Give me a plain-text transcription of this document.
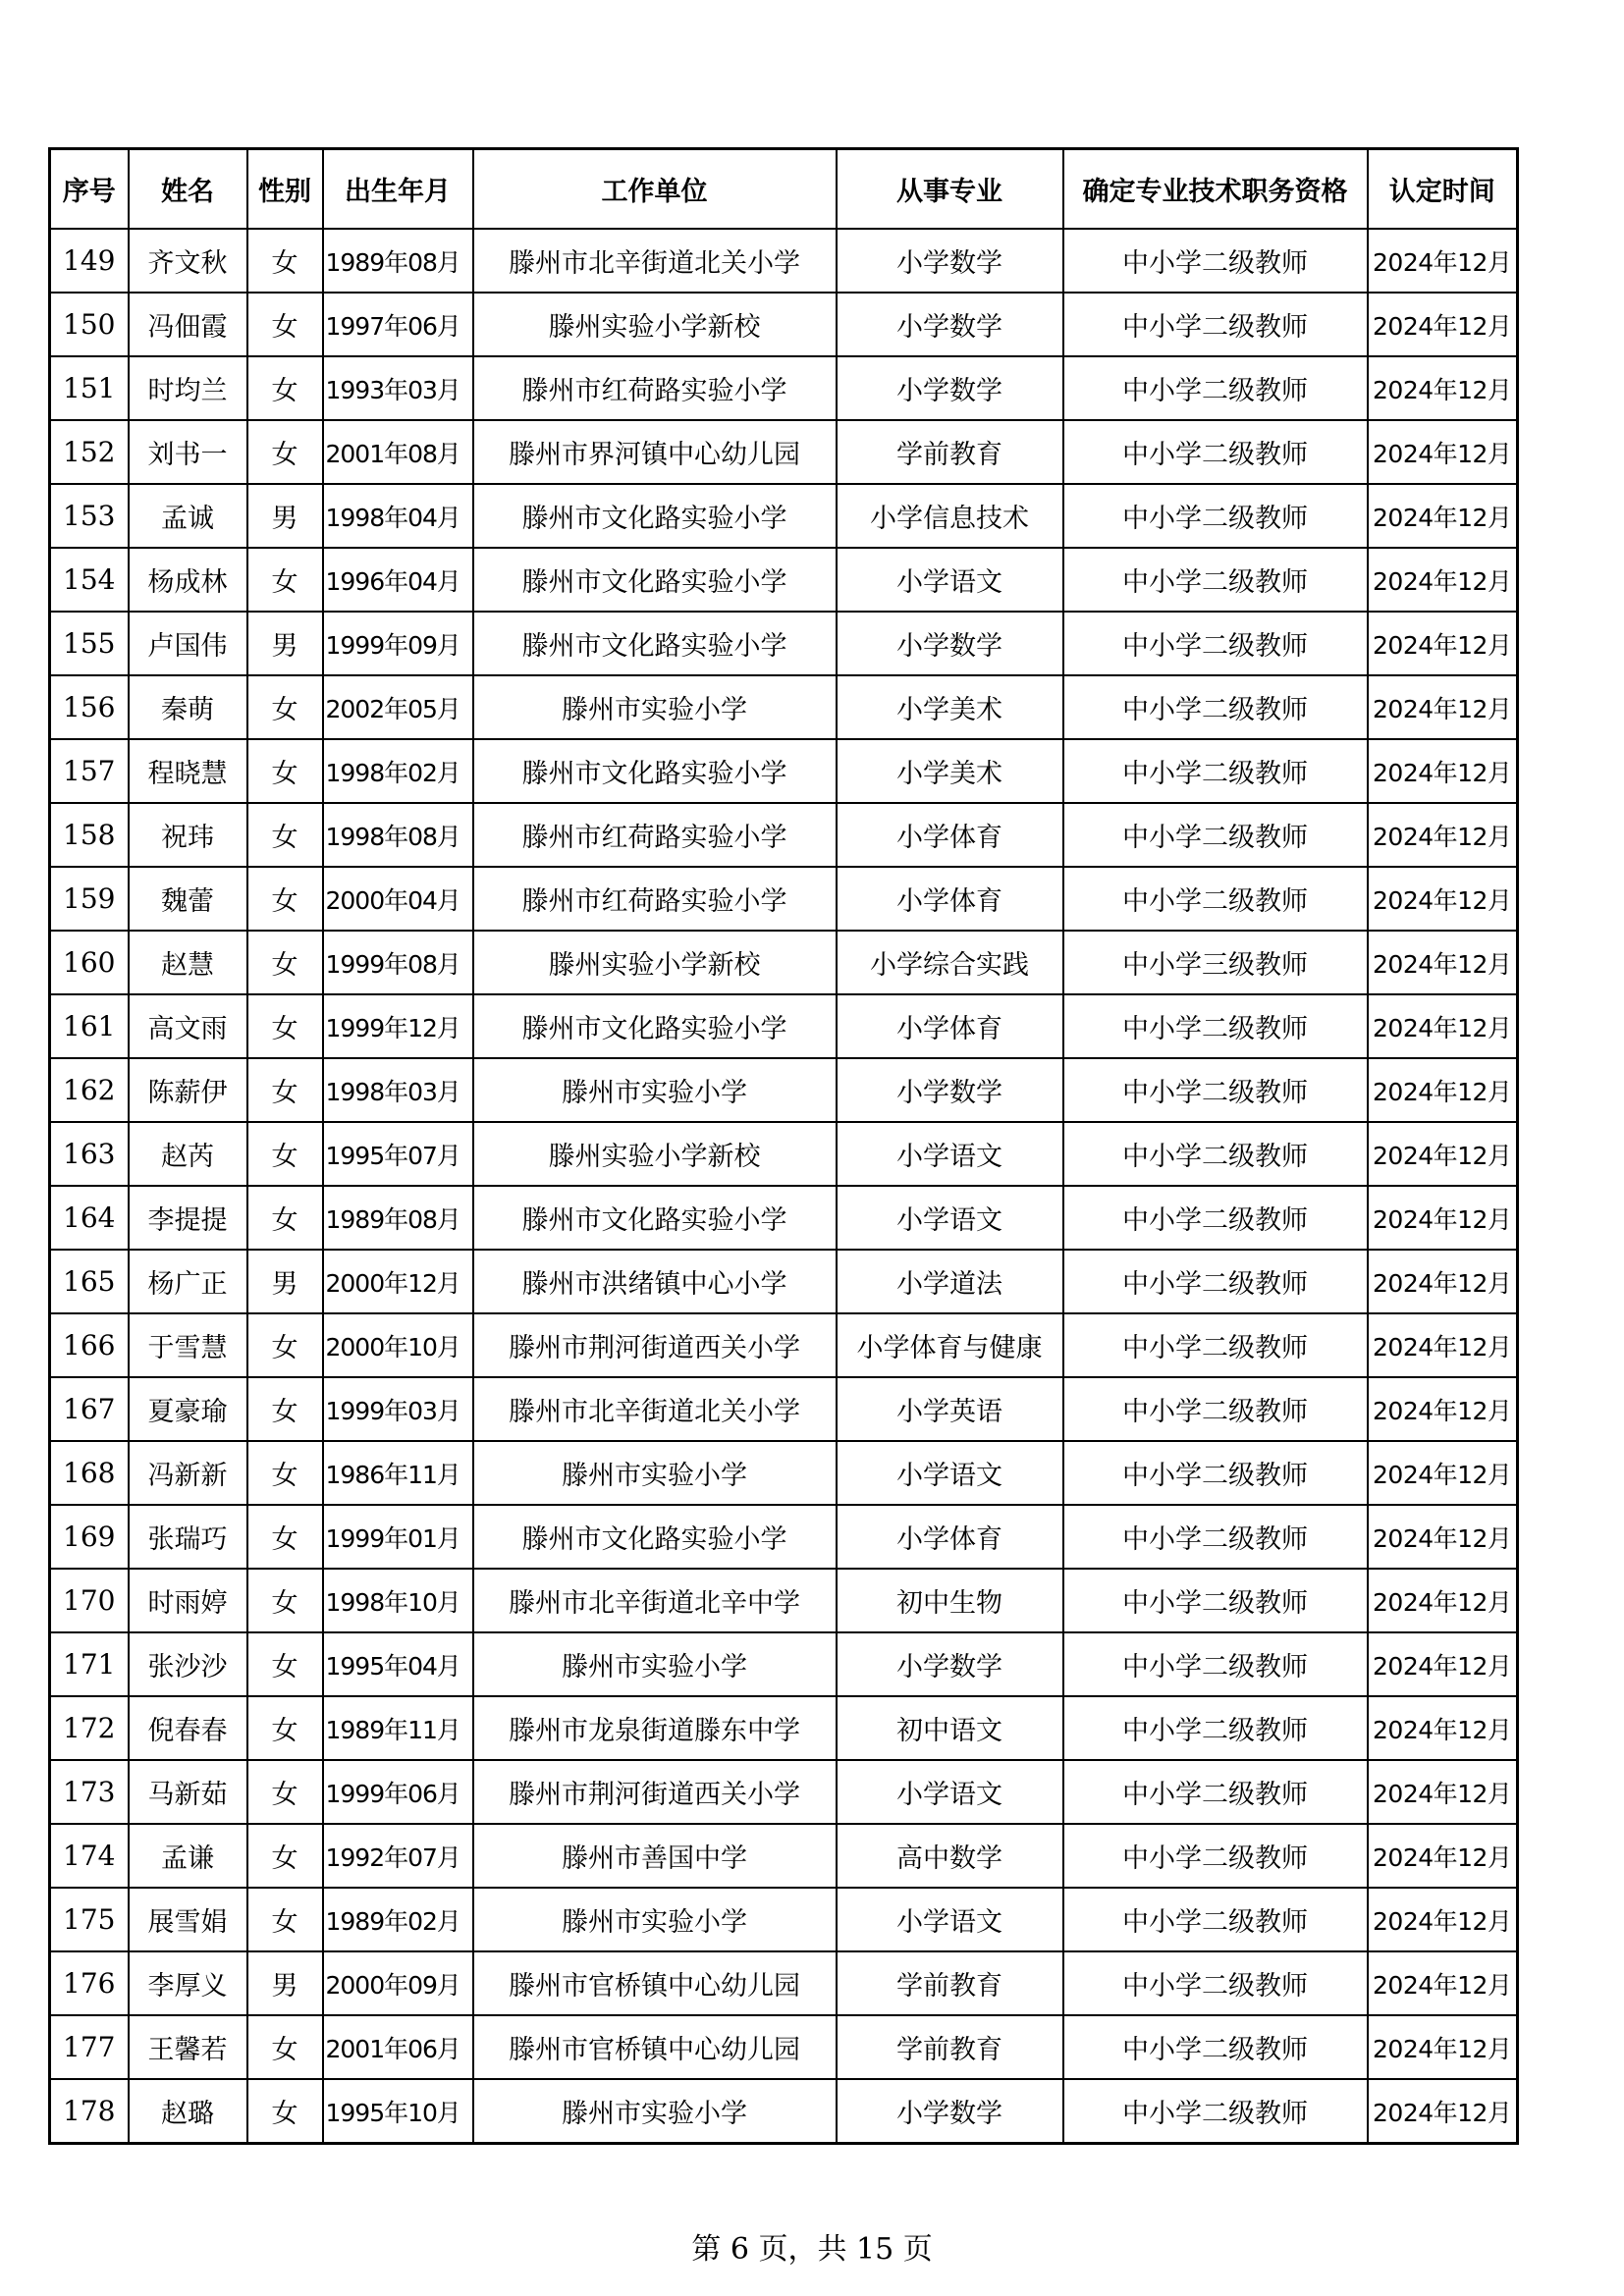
序号	姓名	性别	出生年月	工作单位	从事专业	确定专业技术职务资格	认定时间
149	齐文秋	女	1989年08月	滕州市北辛街道北关小学	小学数学	中小学二级教师	2024年12月
150	冯佃霞	女	1997年06月	滕州实验小学新校	小学数学	中小学二级教师	2024年12月
151	时均兰	女	1993年03月	滕州市红荷路实验小学	小学数学	中小学二级教师	2024年12月
152	刘书一	女	2001年08月	滕州市界河镇中心幼儿园	学前教育	中小学二级教师	2024年12月
153	孟诚	男	1998年04月	滕州市文化路实验小学	小学信息技术	中小学二级教师	2024年12月
154	杨成林	女	1996年04月	滕州市文化路实验小学	小学语文	中小学二级教师	2024年12月
155	卢国伟	男	1999年09月	滕州市文化路实验小学	小学数学	中小学二级教师	2024年12月
156	秦萌	女	2002年05月	滕州市实验小学	小学美术	中小学二级教师	2024年12月
157	程晓慧	女	1998年02月	滕州市文化路实验小学	小学美术	中小学二级教师	2024年12月
158	祝玮	女	1998年08月	滕州市红荷路实验小学	小学体育	中小学二级教师	2024年12月
159	魏蕾	女	2000年04月	滕州市红荷路实验小学	小学体育	中小学二级教师	2024年12月
160	赵慧	女	1999年08月	滕州实验小学新校	小学综合实践	中小学三级教师	2024年12月
161	高文雨	女	1999年12月	滕州市文化路实验小学	小学体育	中小学二级教师	2024年12月
162	陈薪伊	女	1998年03月	滕州市实验小学	小学数学	中小学二级教师	2024年12月
163	赵芮	女	1995年07月	滕州实验小学新校	小学语文	中小学二级教师	2024年12月
164	李提提	女	1989年08月	滕州市文化路实验小学	小学语文	中小学二级教师	2024年12月
165	杨广正	男	2000年12月	滕州市洪绪镇中心小学	小学道法	中小学二级教师	2024年12月
166	于雪慧	女	2000年10月	滕州市荆河街道西关小学	小学体育与健康	中小学二级教师	2024年12月
167	夏豪瑜	女	1999年03月	滕州市北辛街道北关小学	小学英语	中小学二级教师	2024年12月
168	冯新新	女	1986年11月	滕州市实验小学	小学语文	中小学二级教师	2024年12月
169	张瑞巧	女	1999年01月	滕州市文化路实验小学	小学体育	中小学二级教师	2024年12月
170	时雨婷	女	1998年10月	滕州市北辛街道北辛中学	初中生物	中小学二级教师	2024年12月
171	张沙沙	女	1995年04月	滕州市实验小学	小学数学	中小学二级教师	2024年12月
172	倪春春	女	1989年11月	滕州市龙泉街道滕东中学	初中语文	中小学二级教师	2024年12月
173	马新茹	女	1999年06月	滕州市荆河街道西关小学	小学语文	中小学二级教师	2024年12月
174	孟谦	女	1992年07月	滕州市善国中学	高中数学	中小学二级教师	2024年12月
175	展雪娟	女	1989年02月	滕州市实验小学	小学语文	中小学二级教师	2024年12月
176	李厚义	男	2000年09月	滕州市官桥镇中心幼儿园	学前教育	中小学二级教师	2024年12月
177	王馨若	女	2001年06月	滕州市官桥镇中心幼儿园	学前教育	中小学二级教师	2024年12月
178	赵璐	女	1995年10月	滕州市实验小学	小学数学	中小学二级教师	2024年12月
第 6 页，共 15 页
